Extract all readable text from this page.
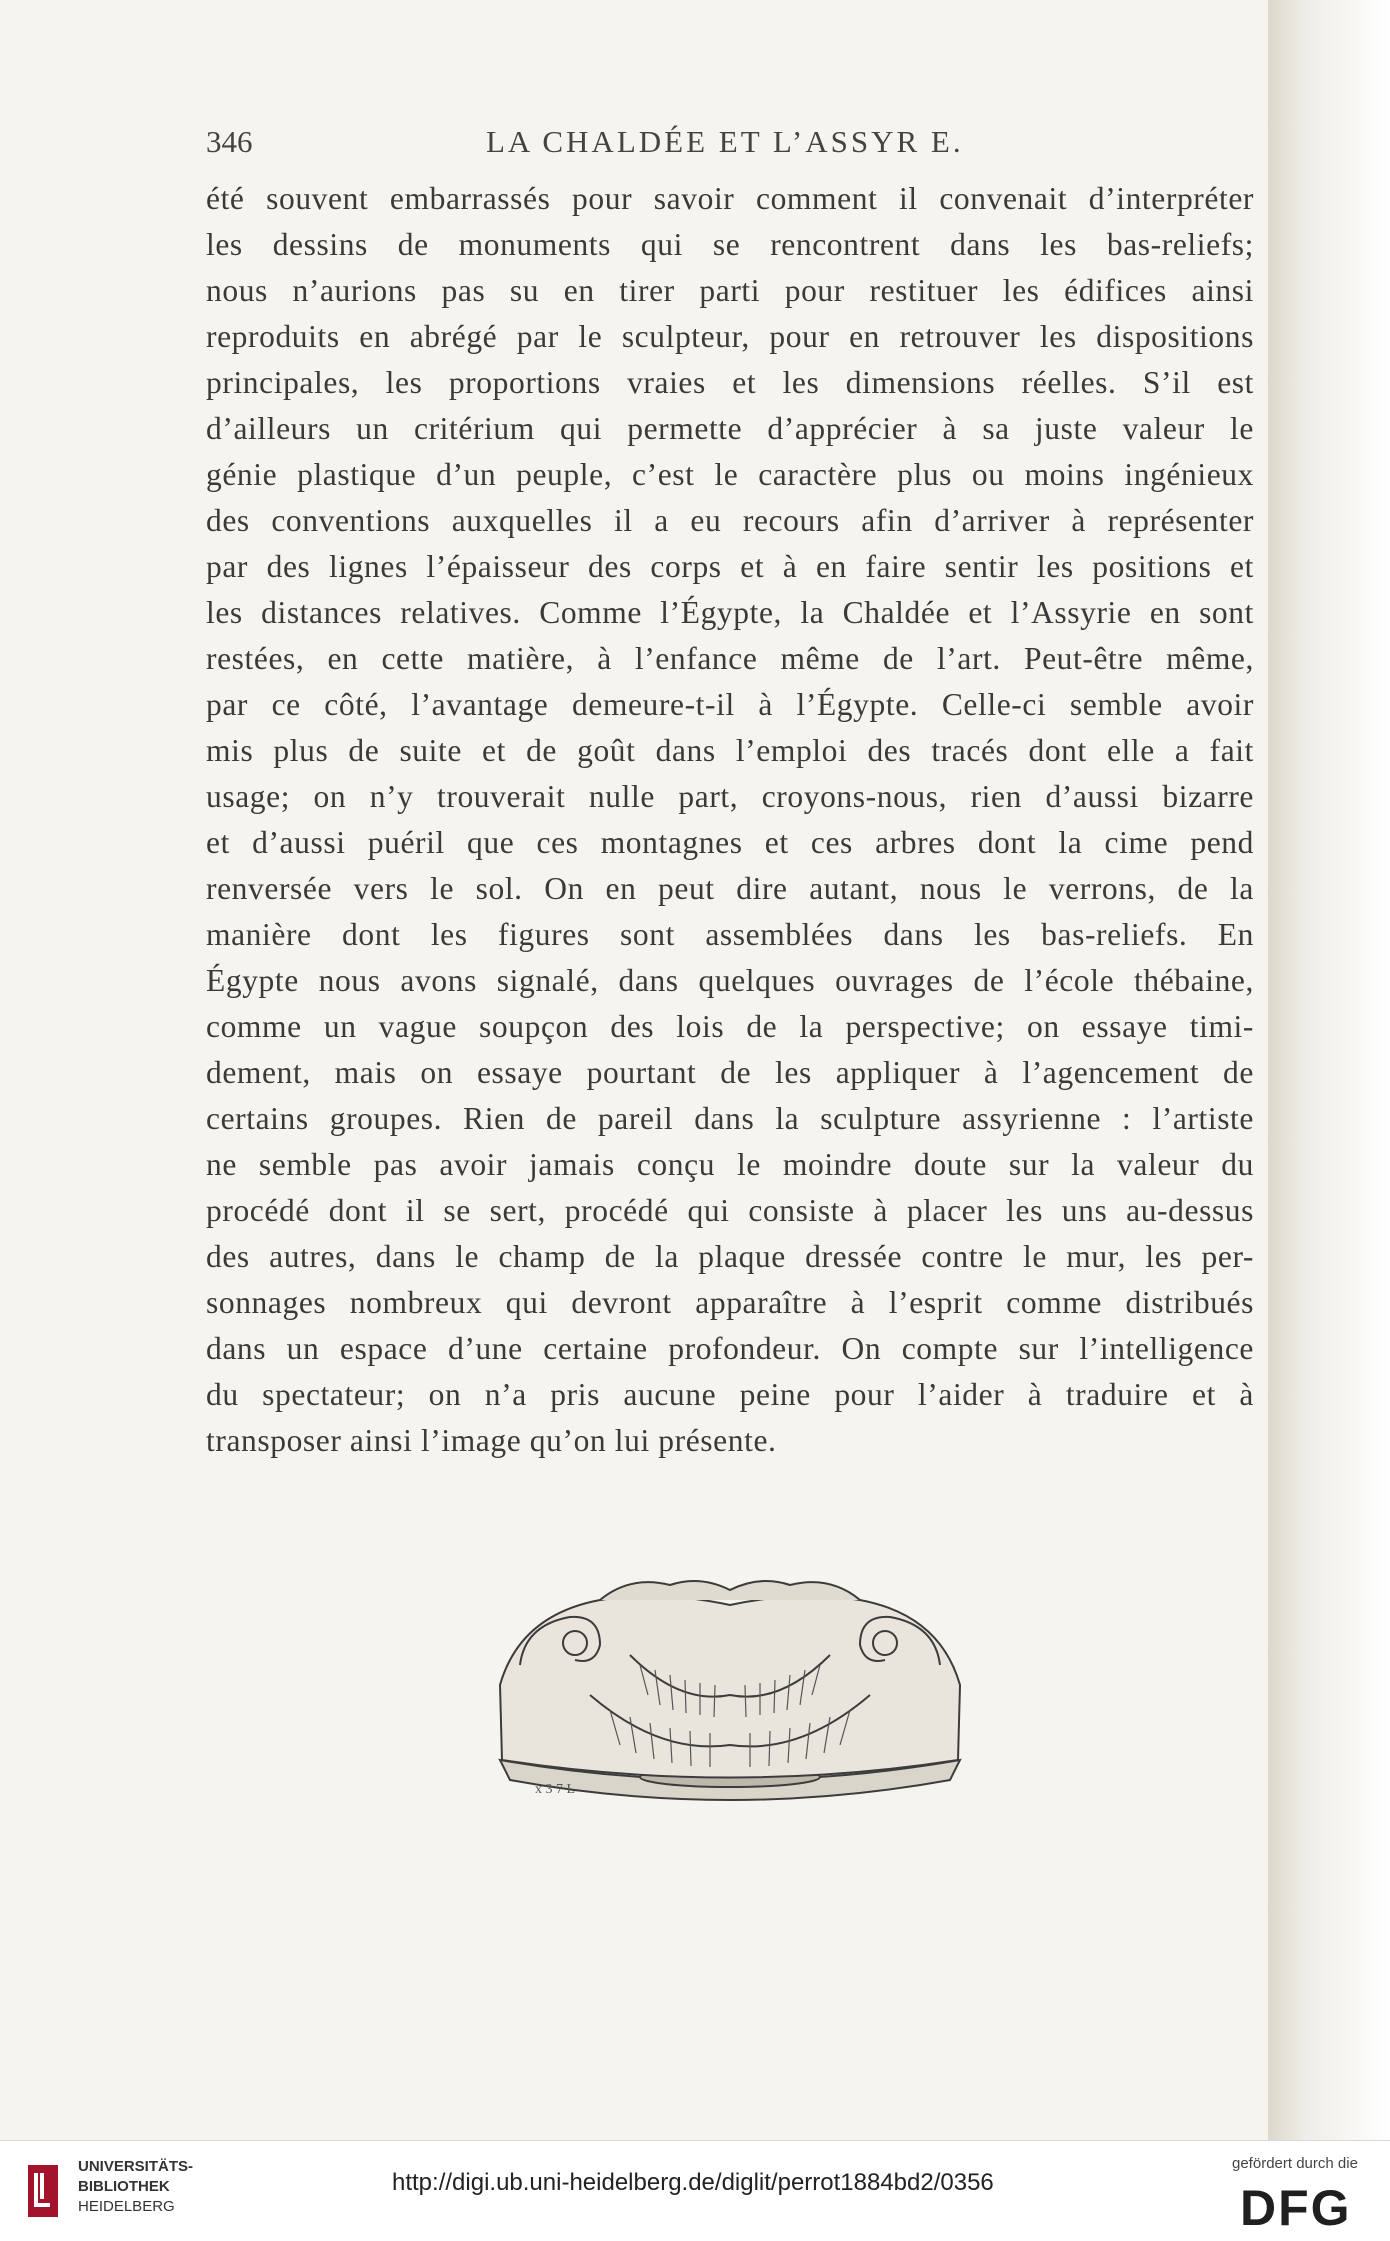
346	LA CHALDÉE ET L’ASSYR E.
été souvent embarrassés pour savoir comment il convenait d’interpréter
les dessins de monuments qui se rencontrent dans les bas-reliefs;
nous n’aurions pas su en tirer parti pour restituer les édifices ainsi
reproduits en abrégé par le sculpteur, pour en retrouver les dispositions
principales, les proportions vraies et les dimensions réelles. S’il est
d’ailleurs un critérium qui permette d’apprécier à sa juste valeur le
génie plastique d’un peuple, c’est le caractère plus ou moins ingénieux
des conventions auxquelles il a eu recours afin d’arriver à représenter
par des lignes l’épaisseur des corps et à en faire sentir les positions et
les distances relatives. Comme l’Égypte, la Chaldée et l’Assyrie en sont
restées, en cette matière, à l’enfance même de l’art. Peut-être même,
par ce côté, l’avantage demeure-t-il à l’Égypte. Celle-ci semble avoir
mis plus de suite et de goût dans l’emploi des tracés dont elle a fait
usage; on n’y trouverait nulle part, croyons-nous, rien d’aussi bizarre
et d’aussi puéril que ces montagnes et ces arbres dont la cime pend
renversée vers le sol. On en peut dire autant, nous le verrons, de la
manière dont les figures sont assemblées dans les bas-reliefs. En
Égypte nous avons signalé, dans quelques ouvrages de l’école thébaine,
comme un vague soupçon des lois de la perspective; on essaye timi-
dement, mais on essaye pourtant de les appliquer à l’agencement de
certains groupes. Rien de pareil dans la sculpture assyrienne : l’artiste
ne semble pas avoir jamais conçu le moindre doute sur la valeur du
procédé dont il se sert, procédé qui consiste à placer les uns au-dessus
des autres, dans le champ de la plaque dressée contre le mur, les per-
sonnages nombreux qui devront apparaître à l’esprit comme distribués
dans un espace d’une certaine profondeur. On compte sur l’intelligence
du spectateur; on n’a pris aucune peine pour l’aider à traduire et à
transposer ainsi l’image qu’on lui présente.
x 3 7 L
UNIVERSITÄTS-
BIBLIOTHEK
HEIDELBERG
http://digi.ub.uni-heidelberg.de/diglit/perrot1884bd2/0356
gefördert durch die
DFG
